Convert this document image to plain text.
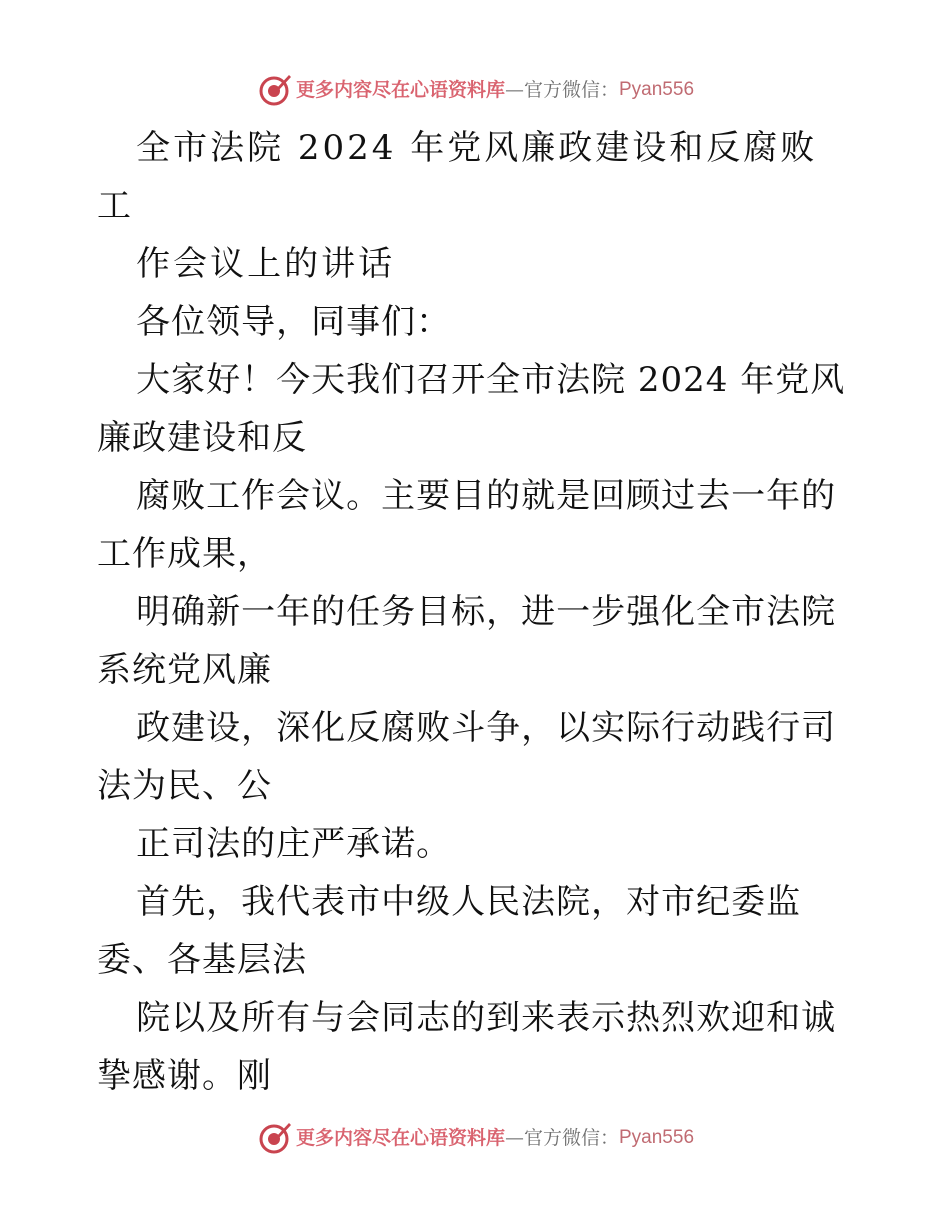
更多内容尽在心语资料库 — 官方微信： Pyan556

全市法院 2024 年党风廉政建设和反腐败工

作会议上的讲话

各位领导，同事们：

大家好！今天我们召开全市法院 2024 年党风廉政建设和反

腐败工作会议。主要目的就是回顾过去一年的工作成果，

明确新一年的任务目标，进一步强化全市法院系统党风廉

政建设，深化反腐败斗争，以实际行动践行司法为民、公

正司法的庄严承诺。

首先，我代表市中级人民法院，对市纪委监委、各基层法

院以及所有与会同志的到来表示热烈欢迎和诚挚感谢。刚

更多内容尽在心语资料库 — 官方微信： Pyan556
